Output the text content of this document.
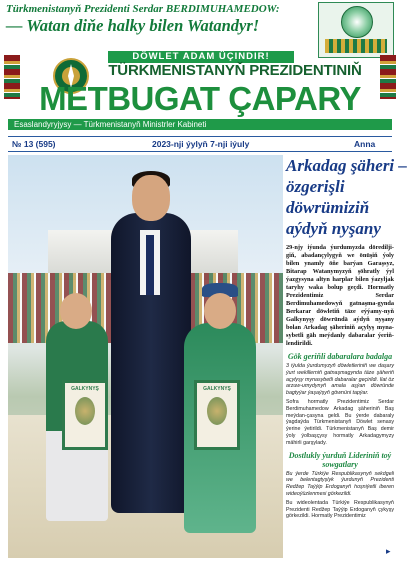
Türkmenistanyň Prezidenti Serdar BERDIMUHAMEDOW:
— Watan diňe halky bilen Watandyr!
DÖWLET ADAM ÜÇINDIR!
TÜRKMENISTANYŇ PREZIDENTINIŇ
METBUGAT ÇAPARY
Esaslandyryjysy — Türkmenistanyň Ministrler Kabineti
№ 13 (595)	2023-nji ýylyň 7-nji iýuly	Anna
GALKYNYŞ	GALKYNYŞ
Arkadag şäheri –
özgerişli
döwrümiziň
aýdyň nyşany

29-njy iýunda ýurdumyzda döredilji-giň, abadançylygyň we önüşiň ýoly bilen ynamly öňe barýan Garaşsyz, Bitarap Watanymyzyň şöhratly ýyl ýazgysyna altyn harplar bilen ýazyljak taryhy waka bolup geçdi. Hormatly Prezidentimiz Serdar Berdimuhamedowyň gatnaşma-gynda Berkarar döwletiň täze eýýamy-nyň Galkynyşy döwründä aýdyň nyşany bolan Arkadag şäheriniň açylyş myna-sybetli gäh meýdanly dabaralar ýeriň-lendirildi.

Gök geriňli dabaralara badalga

3 iýulda ýurdumyzyň döwletleriniň we daşary ýurt wekillerniň gatnaşmagynda täze şäheriň açylyşy mynasybetli dabaralar geçirildi. Ilat öz arzuw-umydynyň amala aşýan döwründe bagtyýar ýaşaýşyň göwnüni tapýar.

Sofra hormatly Prezidentimiz Serdar Berdimuhamedow Arkadag şäheriniň Baş meýdan-çasyna geldi. Bu ýerde dabaraly ýagdaýda Türkmenistanyň Döwlet senasy ýerine ýetirildi. Türkmenistanyň Baş demir ýoly ýolbaşçysy hormatly Arkadagymyzy mähirli garşylady.

Dostlukly ýurduň Lideriniň toý sowgatlary

Bu ýerde Türkiýe Respublikasynyň sekdgeli we belentagtyşlyk ýurdunyň Prezidenti Redžep Taýýip Erdoganyň hoşniýetli iberen wideoýüzlenmesi görkezildi.

Bu wideolentada Türkiýe Respublikasynyň Prezidenti Redžep Taýýip Erdoganyň çykyşy görkezildi. Hormatly Prezidentimiz

▸
